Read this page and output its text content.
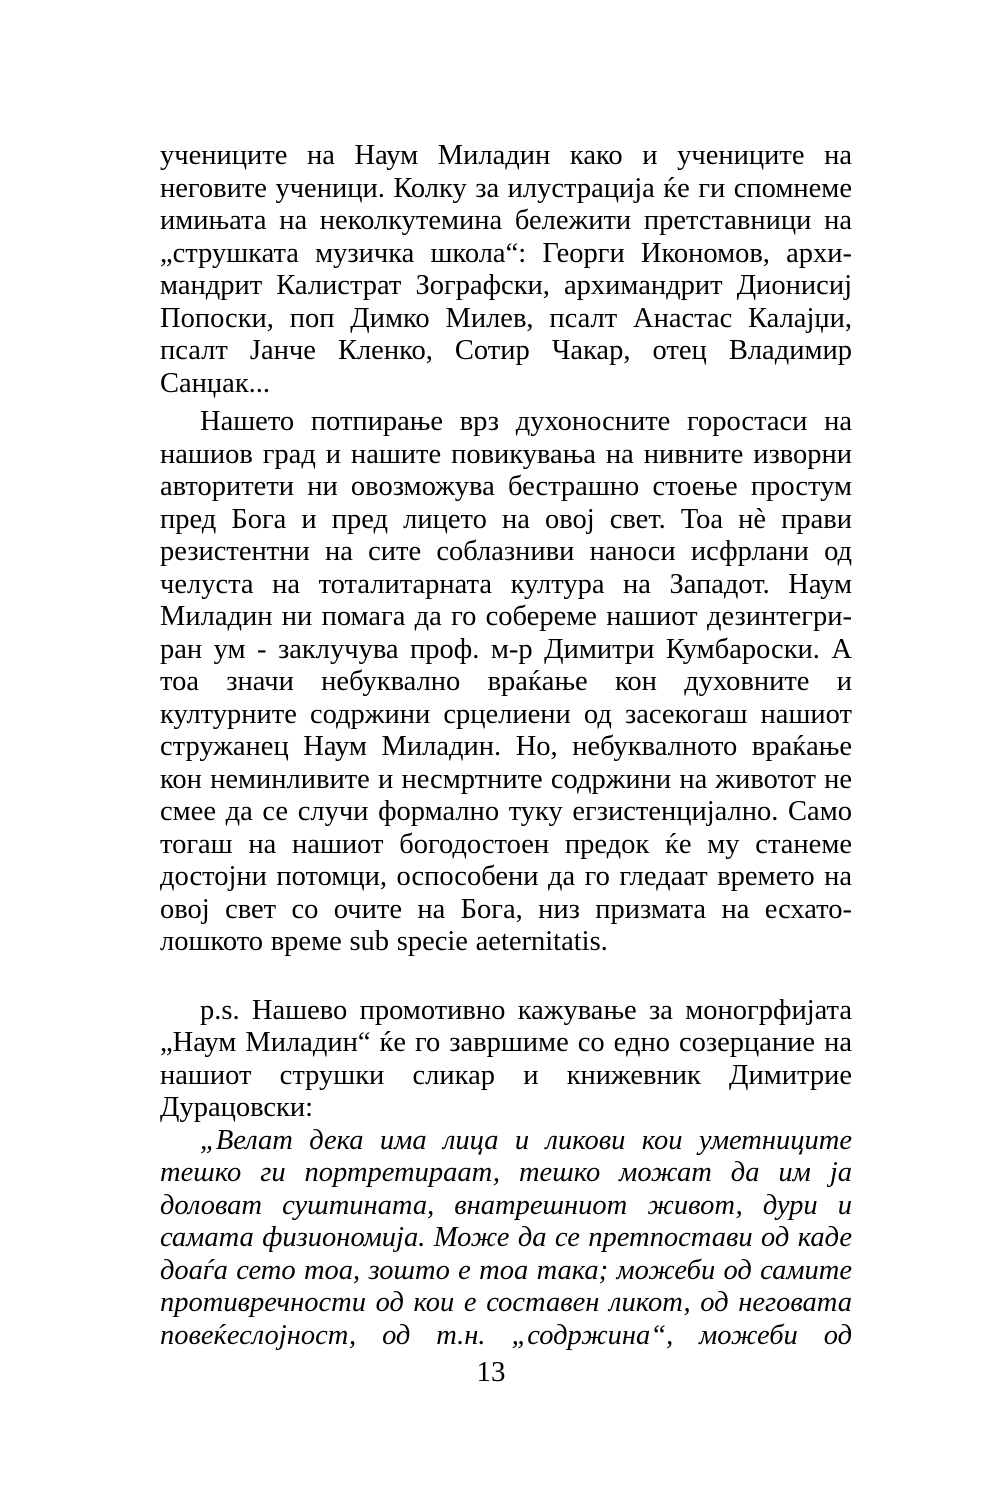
учениците на Наум Миладин како и учениците на
неговите ученици. Колку за илустрација ќе ги спомнеме
имињата на неколкутемина бележити претставници на
„струшката музичка школа“: Георги Икономов, архи-
мандрит Калистрат Зографски, архимандрит Дионисиј
Попоски, поп Димко Милев, псалт Анастас Калајџи,
псалт Јанче Кленко, Сотир Чакар, отец Владимир
Санџак...

Нашето потпирање врз духоносните горостаси на
нашиов град и нашите повикувања на нивните изворни
авторитети ни овозможува бестрашно стоење простум
пред Бога и пред лицето на овој свет. Тоа нѐ прави
резистентни на сите соблазниви наноси исфрлани од
челуста на тоталитарната култура на Западот. Наум
Миладин ни помага да го собереме нашиот дезинтегри-
ран ум - заклучува проф. м-р Димитри Кумбароски. А
тоа значи небуквално враќање кон духовните и
културните содржини срцелиени од засекогаш нашиот
стружанец Наум Миладин. Но, небуквалното враќање
кон неминливите и несмртните содржини на животот не
смее да се случи формално туку егзистенцијално. Само
тогаш на нашиот богодостоен предок ќе му станеме
достојни потомци, оспособени да го гледаат времето на
овој свет со очите на Бога, низ призмата на есхато-
лошкото време sub specie aeternitatis.

p.s. Нашево промотивно кажување за моногрфијата
„Наум Миладин“ ќе го завршиме со едно созерцание на
нашиот струшки сликар и книжевник Димитрие
Дурацовски:

„Велат дека има лица и ликови кои уметниците
тешко ги портретираат, тешко можат да им ја
доловат суштината, внатрешниот живот, дури и
самата физиономија. Може да се претпостави од каде
доаѓа сето тоа, зошто е тоа така; можеби од самите
противречности од кои е составен ликот, од неговата
повеќеслојност, од т.н. „содржина“, можеби од

13
